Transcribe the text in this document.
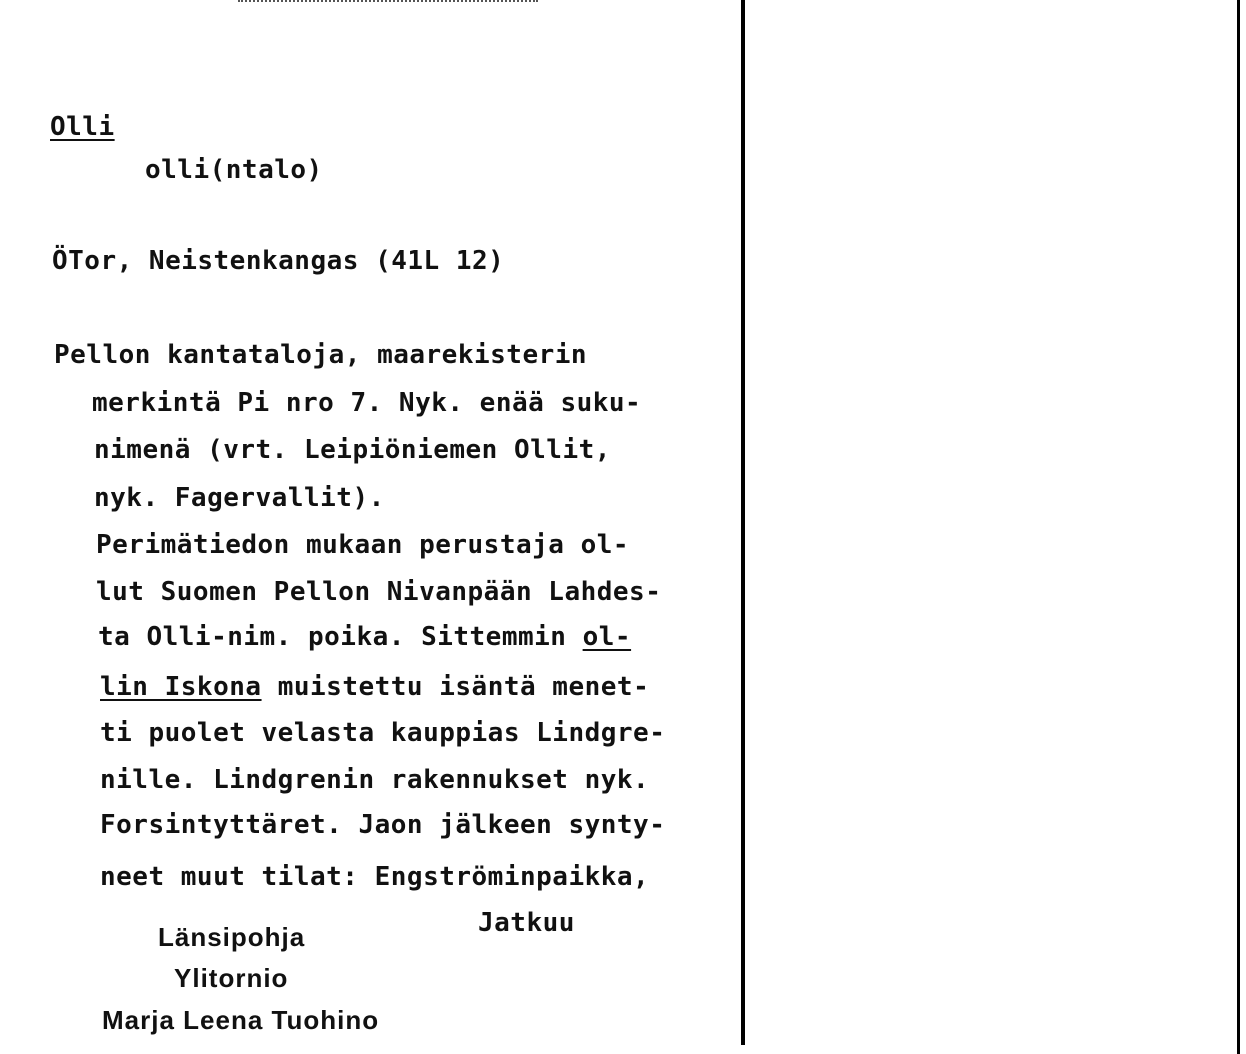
Olli
olli(ntalo)
ÖTor, Neistenkangas (41L 12)
Pellon kantataloja, maarekisterin
merkintä Pi nro 7. Nyk. enää suku-
nimenä (vrt. Leipiöniemen Ollit,
nyk. Fagervallit).
Perimätiedon mukaan perustaja ol-
lut Suomen Pellon Nivanpään Lahdes-
ta Olli-nim. poika. Sittemmin ol-
lin Iskona muistettu isäntä menet-
ti puolet velasta kauppias Lindgre-
nille. Lindgrenin rakennukset nyk.
Forsintyttäret. Jaon jälkeen synty-
neet muut tilat: Engströminpaikka,
Jatkuu
Länsipohja
Ylitornio
Marja Leena Tuohino
